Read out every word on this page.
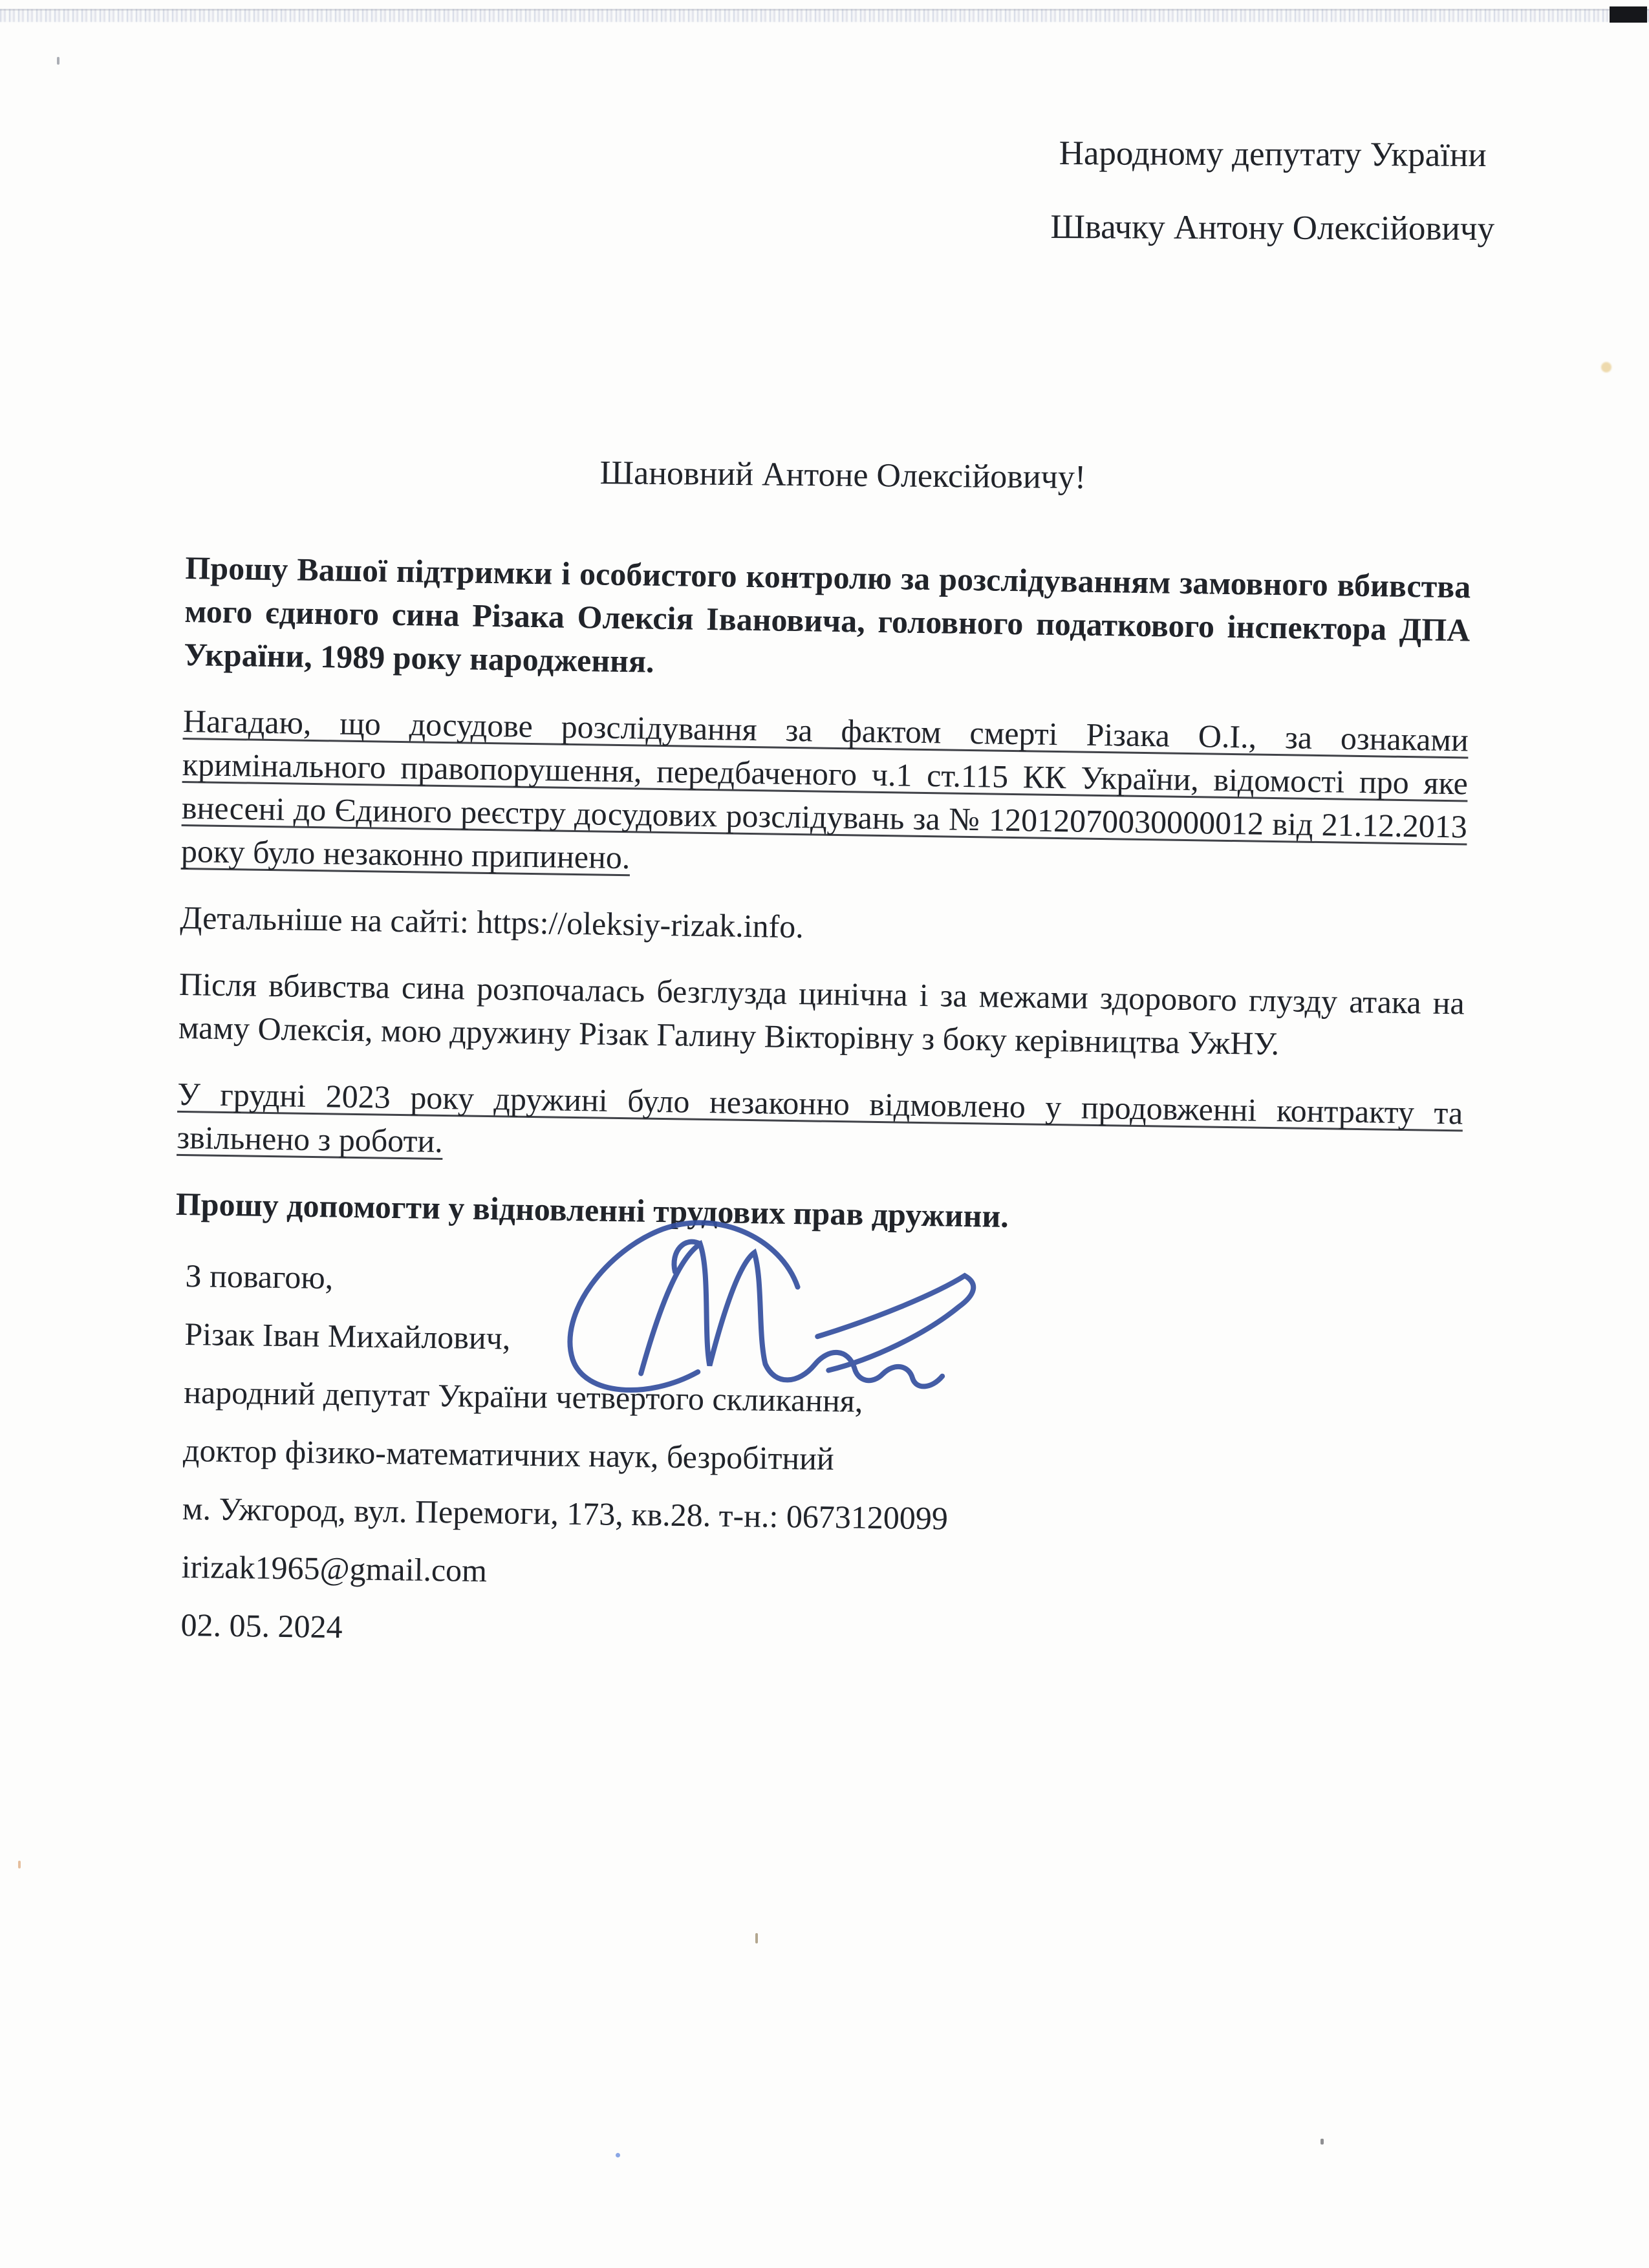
Народному депутату України
Швачку Антону Олексійовичу
Шановний Антоне Олексійовичу!

Прошу Вашої підтримки і особистого контролю за розслідуванням замовного вбивства мого єдиного сина Різака Олексія Івановича, головного податкового інспектора ДПА України, 1989 року народження.

Нагадаю, що досудове розслідування за фактом смерті Різака О.І., за ознаками кримінального правопорушення, передбаченого ч.1 ст.115 КК України, відомості про яке внесені до Єдиного реєстру досудових розслідувань за № 12012070030000012 від 21.12.2013 року було незаконно припинено.

Детальніше на сайті: https://oleksiy-rizak.info.

Після вбивства сина розпочалась безглузда цинічна і за межами здорового глузду атака на маму Олексія, мою дружину Різак Галину Вікторівну з боку керівництва УжНУ.

У грудні 2023 року дружині було незаконно відмовлено у продовженні контракту та звільнено з роботи.

Прошу допомогти у відновленні трудових прав дружини.

З повагою,

Різак Іван Михайлович,

народний депутат України четвертого скликання,

доктор фізико-математичних наук, безробітний

м. Ужгород, вул. Перемоги, 173, кв.28. т-н.: 0673120099

irizak1965@gmail.com

02. 05. 2024
